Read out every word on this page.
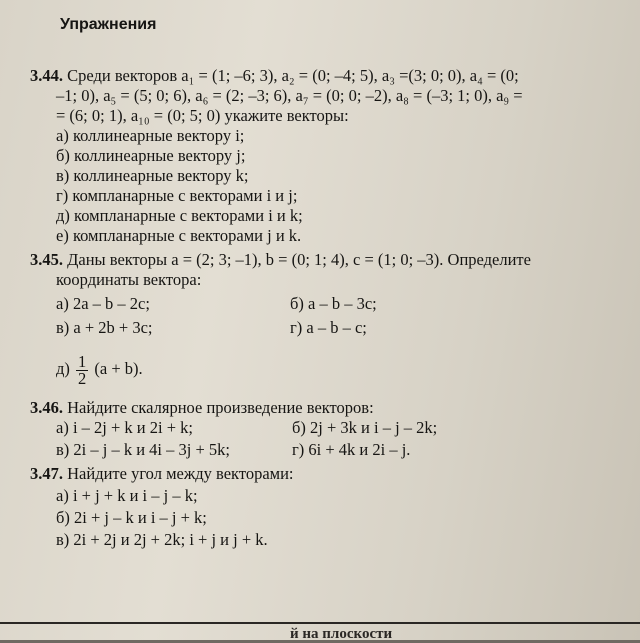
Упражнения
3.44. Среди векторов a₁ = (1; –6; 3), a₂ = (0; –4; 5), a₃ =(3; 0; 0), a₄ = (0;
–1; 0), a₅ = (5; 0; 6), a₆ = (2; –3; 6), a₇ = (0; 0; –2), a₈ = (–3; 1; 0), a₉ =
= (6; 0; 1), a₁₀ = (0; 5; 0) укажите векторы:
а) коллинеарные вектору i;
б) коллинеарные вектору j;
в) коллинеарные вектору k;
г) компланарные с векторами i и j;
д) компланарные с векторами i и k;
е) компланарные с векторами j и k.
3.45. Даны векторы a = (2; 3; –1), b = (0; 1; 4), c = (1; 0; –3). Определите
координаты вектора:
а) 2a – b – 2c;	б) a – b – 3c;
в) a + 2b + 3c;	г) a – b – c;
$д) \frac{1}{2} (a + b)$.
3.46. Найдите скалярное произведение векторов:
а) i – 2j + k и 2i + k;	б) 2j + 3k и i – j – 2k;
в) 2i – j – k и 4i – 3j + 5k;	г) 6i + 4k и 2i – j.
3.47. Найдите угол между векторами:
а) i + j + k и i – j – k;
б) 2i + j – k и i – j + k;
в) 2i + 2j и 2j + 2k; i + j и j + k.
й на плоскости
